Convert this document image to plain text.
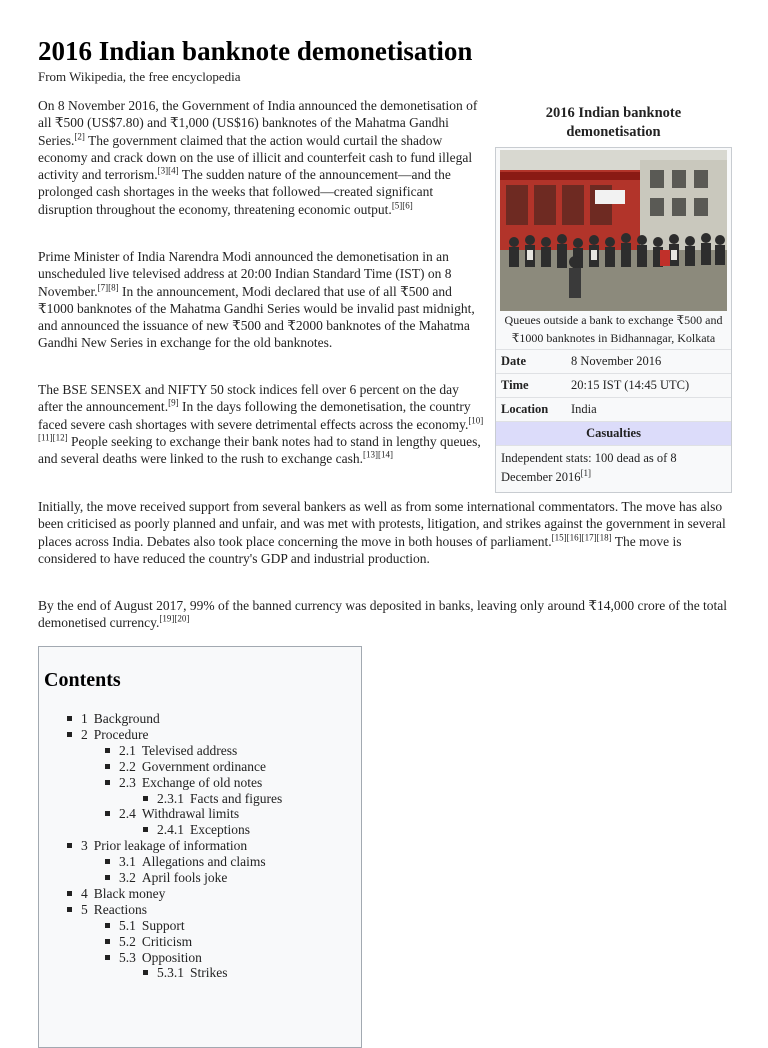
2016 Indian banknote demonetisation

From Wikipedia, the free encyclopedia

On 8 November 2016, the Government of India announced the demonetisation of all ₹500 (US$7.80) and ₹1,000 (US$16) banknotes of the Mahatma Gandhi Series.[2] The government claimed that the action would curtail the shadow economy and crack down on the use of illicit and counterfeit cash to fund illegal activity and terrorism.[3][4] The sudden nature of the announcement—and the prolonged cash shortages in the weeks that followed—created significant disruption throughout the economy, threatening economic output.[5][6]

Prime Minister of India Narendra Modi announced the demonetisation in an unscheduled live televised address at 20:00 Indian Standard Time (IST) on 8 November.[7][8] In the announcement, Modi declared that use of all ₹500 and ₹1000 banknotes of the Mahatma Gandhi Series would be invalid past midnight, and announced the issuance of new ₹500 and ₹2000 banknotes of the Mahatma Gandhi New Series in exchange for the old banknotes.

The BSE SENSEX and NIFTY 50 stock indices fell over 6 percent on the day after the announcement.[9] In the days following the demonetisation, the country faced severe cash shortages with severe detrimental effects across the economy.[10][11][12] People seeking to exchange their bank notes had to stand in lengthy queues, and several deaths were linked to the rush to exchange cash.[13][14]

Initially, the move received support from several bankers as well as from some international commentators. The move has also been criticised as poorly planned and unfair, and was met with protests, litigation, and strikes against the government in several places across India. Debates also took place concerning the move in both houses of parliament.[15][16][17][18] The move is considered to have reduced the country's GDP and industrial production.

By the end of August 2017, 99% of the banned currency was deposited in banks, leaving only around ₹14,000 crore of the total demonetised currency.[19][20]

2016 Indian banknote demonetisation
Queues outside a bank to exchange ₹500 and ₹1000 banknotes in Bidhannagar, Kolkata
Date	8 November 2016
Time	20:15 IST (14:45 UTC)
Location	India
Casualties
Independent stats: 100 dead as of 8 December 2016[1]
Contents
1 Background
2 Procedure
2.1 Televised address
2.2 Government ordinance
2.3 Exchange of old notes
2.3.1 Facts and figures
2.4 Withdrawal limits
2.4.1 Exceptions
3 Prior leakage of information
3.1 Allegations and claims
3.2 April fools joke
4 Black money
5 Reactions
5.1 Support
5.2 Criticism
5.3 Opposition
5.3.1 Strikes
